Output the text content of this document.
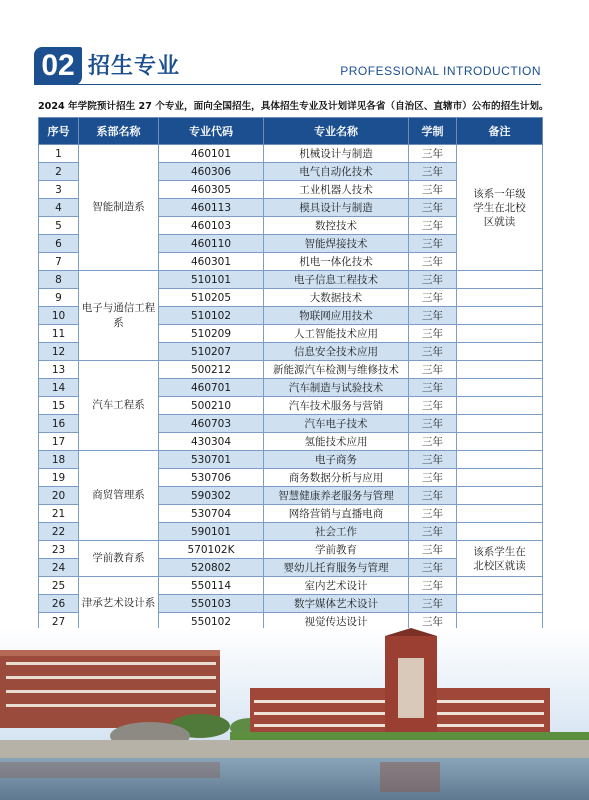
02 招生专业	PROFESSIONAL INTRODUCTION
2024 年学院预计招生 27 个专业，面向全国招生，具体招生专业及计划详见各省（自治区、直辖市）公布的招生计划。
序号	系部名称	专业代码	专业名称	学制	备注
1	智能制造系	460101	机械设计与制造	三年	该系一年级学生在北校区就读
2		460306	电气自动化技术	三年	
3		460305	工业机器人技术	三年	
4		460113	模具设计与制造	三年	
5		460103	数控技术	三年	
6		460110	智能焊接技术	三年	
7		460301	机电一体化技术	三年	
8	电子与通信工程系	510101	电子信息工程技术	三年	
9		510205	大数据技术	三年	
10		510102	物联网应用技术	三年	
11		510209	人工智能技术应用	三年	
12		510207	信息安全技术应用	三年	
13	汽车工程系	500212	新能源汽车检测与维修技术	三年	
14		460701	汽车制造与试验技术	三年	
15		500210	汽车技术服务与营销	三年	
16		460703	汽车电子技术	三年	
17		430304	氢能技术应用	三年	
18	商贸管理系	530701	电子商务	三年	
19		530706	商务数据分析与应用	三年	
20		590302	智慧健康养老服务与管理	三年	
21		530704	网络营销与直播电商	三年	
22		590101	社会工作	三年	
23	学前教育系	570102K	学前教育	三年	该系学生在北校区就读
24		520802	婴幼儿托育服务与管理	三年	
25	津承艺术设计系	550114	室内艺术设计	三年	
26		550103	数字媒体艺术设计	三年	
27		550102	视觉传达设计	三年	
